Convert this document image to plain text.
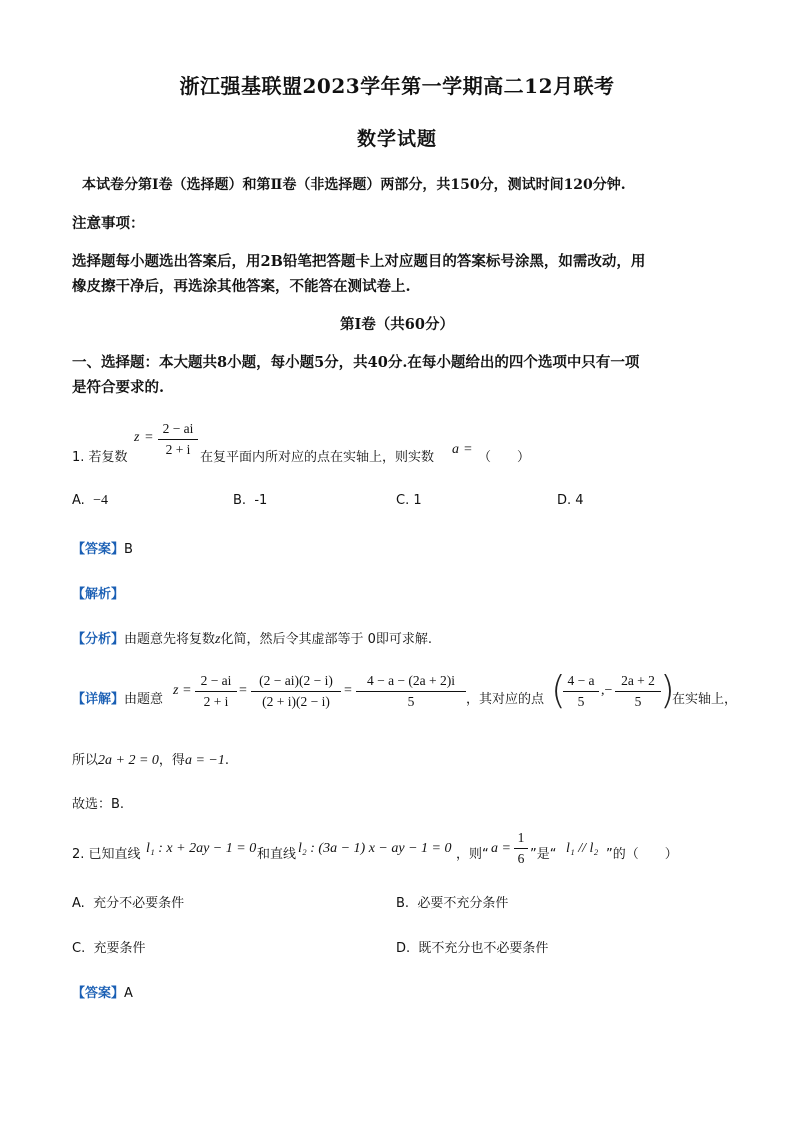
浙江强基联盟2023学年第一学期高二12月联考
数学试题
本试卷分第Ⅰ卷（选择题）和第Ⅱ卷（非选择题）两部分，共150分，测试时间120分钟.
注意事项：
选择题每小题选出答案后，用2B铅笔把答题卡上对应题目的答案标号涂黑，如需改动，用
橡皮擦干净后，再选涂其他答案，不能答在测试卷上.
第Ⅰ卷（共60分）
一、选择题：本大题共8小题，每小题5分，共40分.在每小题给出的四个选项中只有一项
是符合要求的.
1. 若复数
z =
2 − ai
2 + i
在复平面内所对应的点在实轴上，则实数
a =
（　　）
A. −4	B. -1	C. 1	D. 4
【答案】B
【解析】
【分析】由题意先将复数z化简，然后令其虚部等于 0即可求解.
【详解】由题意
z =
2 − ai
2 + i
=
(2 − ai)(2 − i)
(2 + i)(2 − i)
=
4 − a − (2a + 2)i
5	，其对应的点 ( 4 − a
5
,−
2a + 2
5 )
在实轴上，
所以2a + 2 = 0，得a = −1.
故选：B.
2. 已知直线 l₁ : x + 2ay − 1 = 0 和直线 l₂ : (3a − 1) x − ay − 1 = 0 ，则“ a =
1
6 ”是“ l₁ // l₂ ”的（　　）
A. 充分不必要条件	B. 必要不充分条件
C. 充要条件	D. 既不充分也不必要条件
【答案】A
